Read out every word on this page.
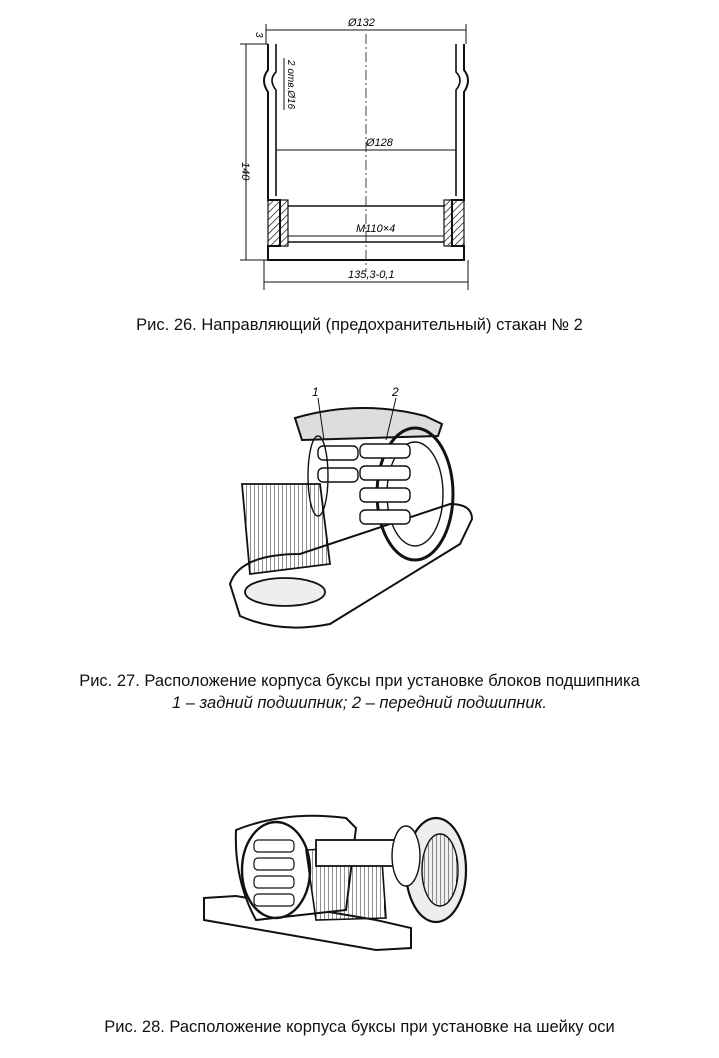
Ø132
Ø128
М110×4
140
3
2 отв.Ø16
135,3-0,1
Рис. 26. Направляющий (предохранительный) стакан № 2
1	2
Рис. 27. Расположение корпуса буксы при установке блоков подшипника
1 – задний подшипник; 2 – передний подшипник.
Рис. 28. Расположение корпуса буксы при установке на шейку оси
